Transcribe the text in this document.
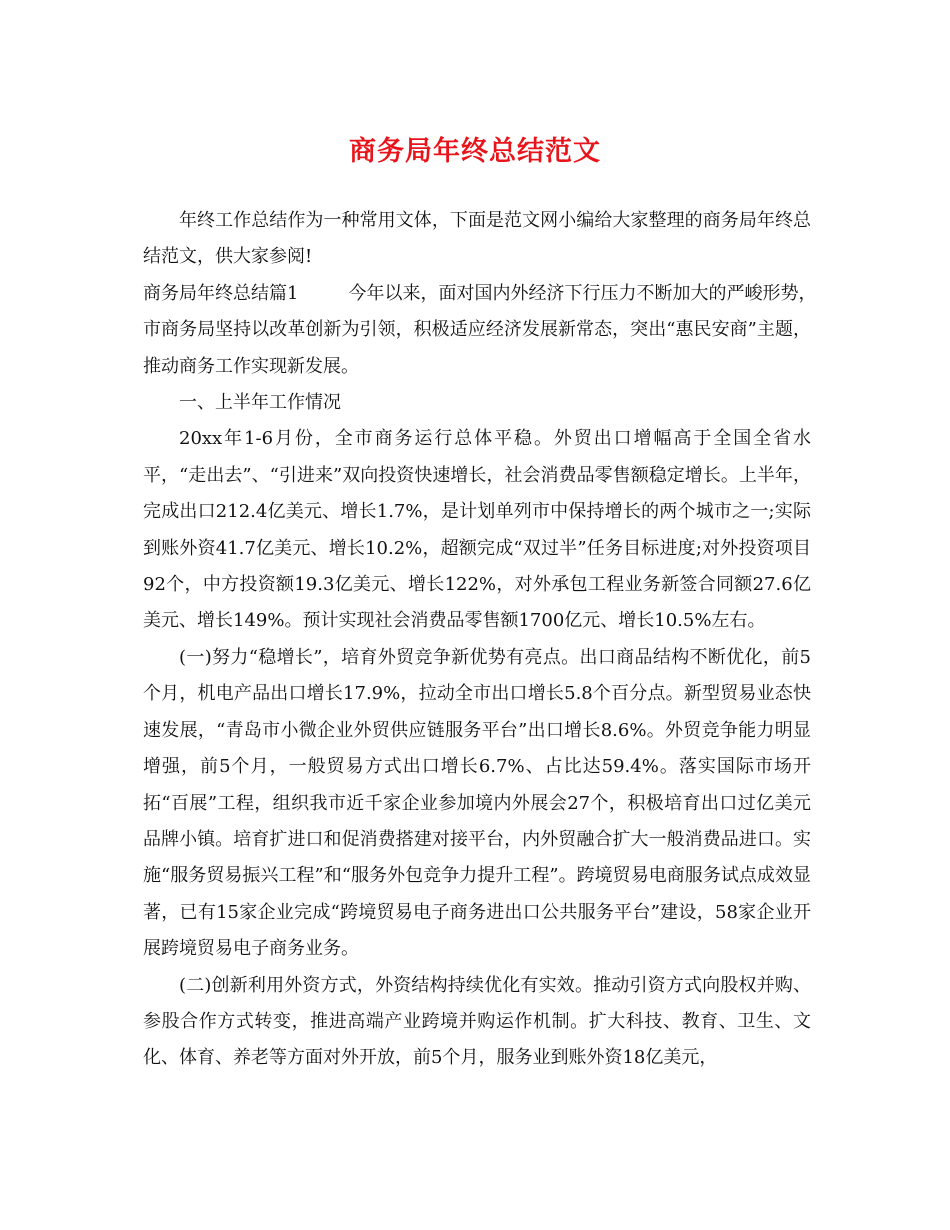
商务局年终总结范文

年终工作总结作为一种常用文体，下面是范文网小编给大家整理的商务局年终总结范文，供大家参阅!

商务局年终总结篇1	今年以来，面对国内外经济下行压力不断加大的严峻形势，
市商务局坚持以改革创新为引领，积极适应经济发展新常态，突出“惠民安商”主题，推动商务工作实现新发展。

一、上半年工作情况

20xx年1-6月份，全市商务运行总体平稳。外贸出口增幅高于全国全省水平，“走出去”、“引进来”双向投资快速增长，社会消费品零售额稳定增长。上半年，完成出口212.4亿美元、增长1.7%，是计划单列市中保持增长的两个城市之一;实际到账外资41.7亿美元、增长10.2%，超额完成“双过半”任务目标进度;对外投资项目92个，中方投资额19.3亿美元、增长122%，对外承包工程业务新签合同额27.6亿美元、增长149%。预计实现社会消费品零售额1700亿元、增长10.5%左右。

(一)努力“稳增长”，培育外贸竞争新优势有亮点。出口商品结构不断优化，前5个月，机电产品出口增长17.9%，拉动全市出口增长5.8个百分点。新型贸易业态快速发展，“青岛市小微企业外贸供应链服务平台”出口增长8.6%。外贸竞争能力明显增强，前5个月，一般贸易方式出口增长6.7%、占比达59.4%。落实国际市场开拓“百展”工程，组织我市近千家企业参加境内外展会27个，积极培育出口过亿美元品牌小镇。培育扩进口和促消费搭建对接平台，内外贸融合扩大一般消费品进口。实施“服务贸易振兴工程”和“服务外包竞争力提升工程”。跨境贸易电商服务试点成效显著，已有15家企业完成“跨境贸易电子商务进出口公共服务平台”建设，58家企业开展跨境贸易电子商务业务。

(二)创新利用外资方式，外资结构持续优化有实效。推动引资方式向股权并购、参股合作方式转变，推进高端产业跨境并购运作机制。扩大科技、教育、卫生、文化、体育、养老等方面对外开放，前5个月，服务业到账外资18亿美元，
